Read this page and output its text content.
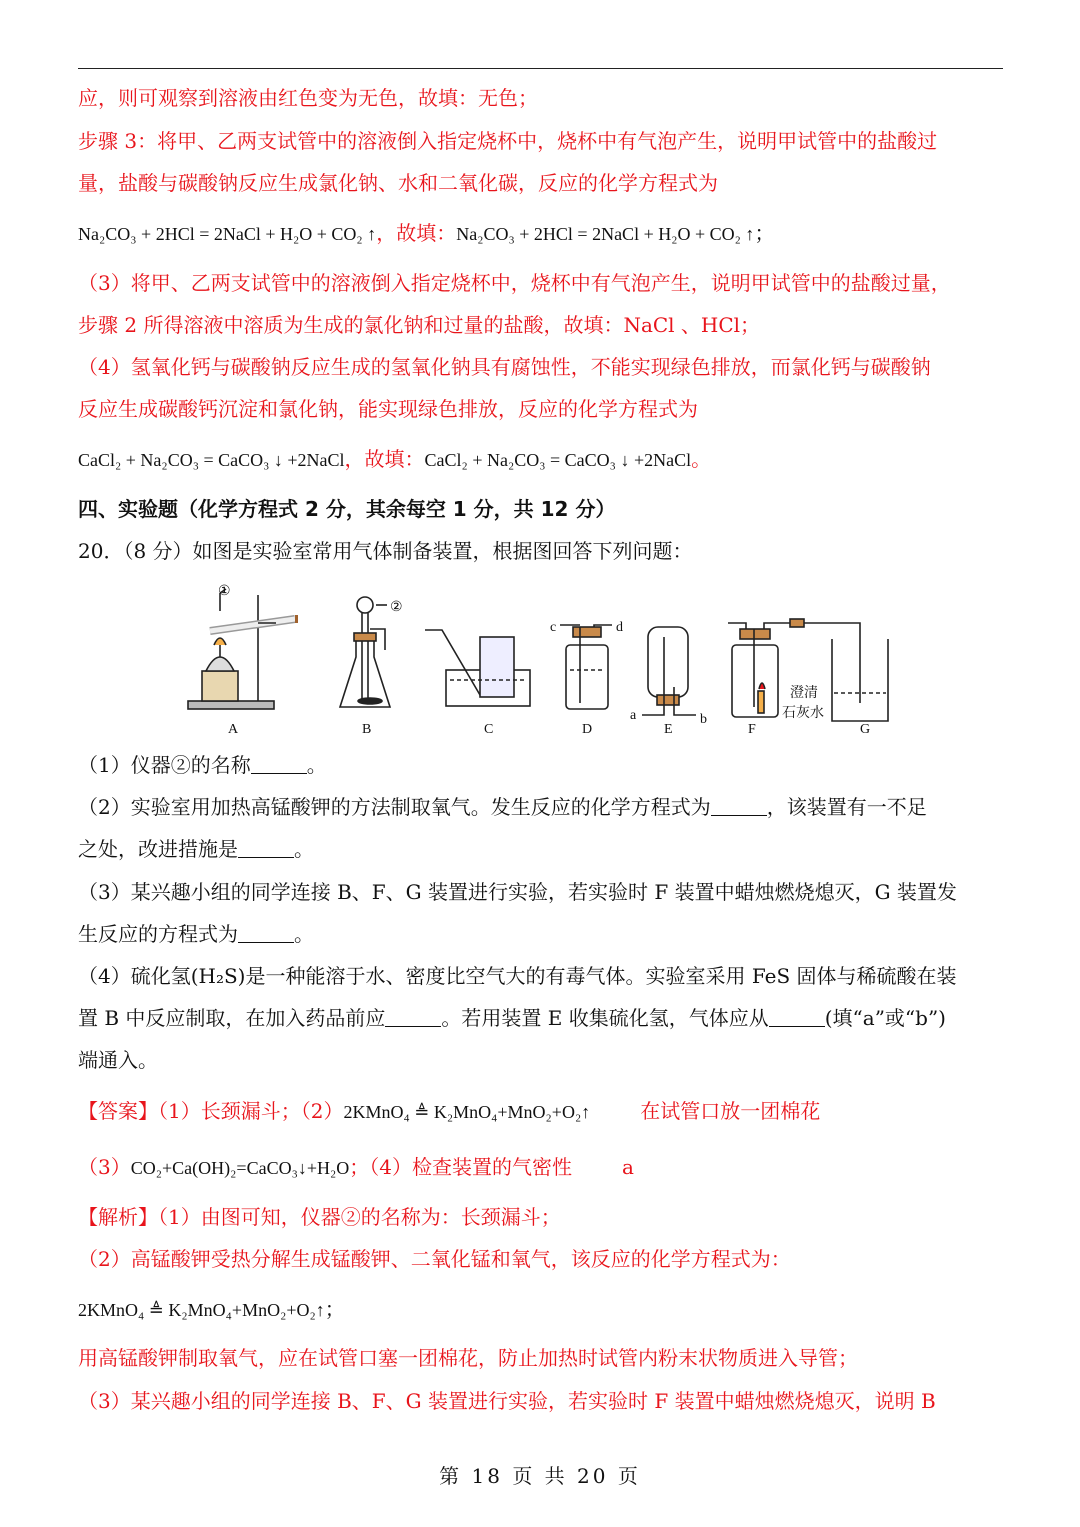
应，则可观察到溶液由红色变为无色，故填：无色；
步骤 3：将甲、乙两支试管中的溶液倒入指定烧杯中，烧杯中有气泡产生，说明甲试管中的盐酸过
量，盐酸与碳酸钠反应生成氯化钠、水和二氧化碳，反应的化学方程式为
Na₂CO₃ + 2HCl = 2NaCl + H₂O + CO₂ ↑，故填：Na₂CO₃ + 2HCl = 2NaCl + H₂O + CO₂ ↑；
（3）将甲、乙两支试管中的溶液倒入指定烧杯中，烧杯中有气泡产生，说明甲试管中的盐酸过量，
步骤 2 所得溶液中溶质为生成的氯化钠和过量的盐酸，故填：NaCl 、HCl；
（4）氢氧化钙与碳酸钠反应生成的氢氧化钠具有腐蚀性，不能实现绿色排放，而氯化钙与碳酸钠
反应生成碳酸钙沉淀和氯化钠，能实现绿色排放，反应的化学方程式为
CaCl₂ + Na₂CO₃ = CaCO₃ ↓ +2NaCl，故填：CaCl₂ + Na₂CO₃ = CaCO₃ ↓ +2NaCl。
四、实验题（化学方程式 2 分，其余每空 1 分，共 12 分）
20．（8 分）如图是实验室常用气体制备装置，根据图回答下列问题：
A	B	C	D	E	F	G
①
②
c	d
a	b
澄清
石灰水
（1）仪器②的名称	。
（2）实验室用加热高锰酸钾的方法制取氧气。发生反应的化学方程式为	，该装置有一不足
之处，改进措施是	。
（3）某兴趣小组的同学连接 B、F、G 装置进行实验，若实验时 F 装置中蜡烛燃烧熄灭，G 装置发
生反应的方程式为	。
（4）硫化氢(H₂S)是一种能溶于水、密度比空气大的有毒气体。实验室采用 FeS 固体与稀硫酸在装
置 B 中反应制取，在加入药品前应	。若用装置 E 收集硫化氢，气体应从	(填“a”或“b”)
端通入。
【答案】（1）长颈漏斗；（2）2KMnO₄ ≜ K₂MnO₄+MnO₂+O₂↑	在试管口放一团棉花
（3）CO₂+Ca(OH)₂=CaCO₃↓+H₂O；（4）检查装置的气密性	a
【解析】（1）由图可知，仪器②的名称为：长颈漏斗；
（2）高锰酸钾受热分解生成锰酸钾、二氧化锰和氧气，该反应的化学方程式为：
2KMnO₄ ≜ K₂MnO₄+MnO₂+O₂↑；
用高锰酸钾制取氧气，应在试管口塞一团棉花，防止加热时试管内粉末状物质进入导管；
（3）某兴趣小组的同学连接 B、F、G 装置进行实验，若实验时 F 装置中蜡烛燃烧熄灭，说明 B
第 18 页 共 20 页
